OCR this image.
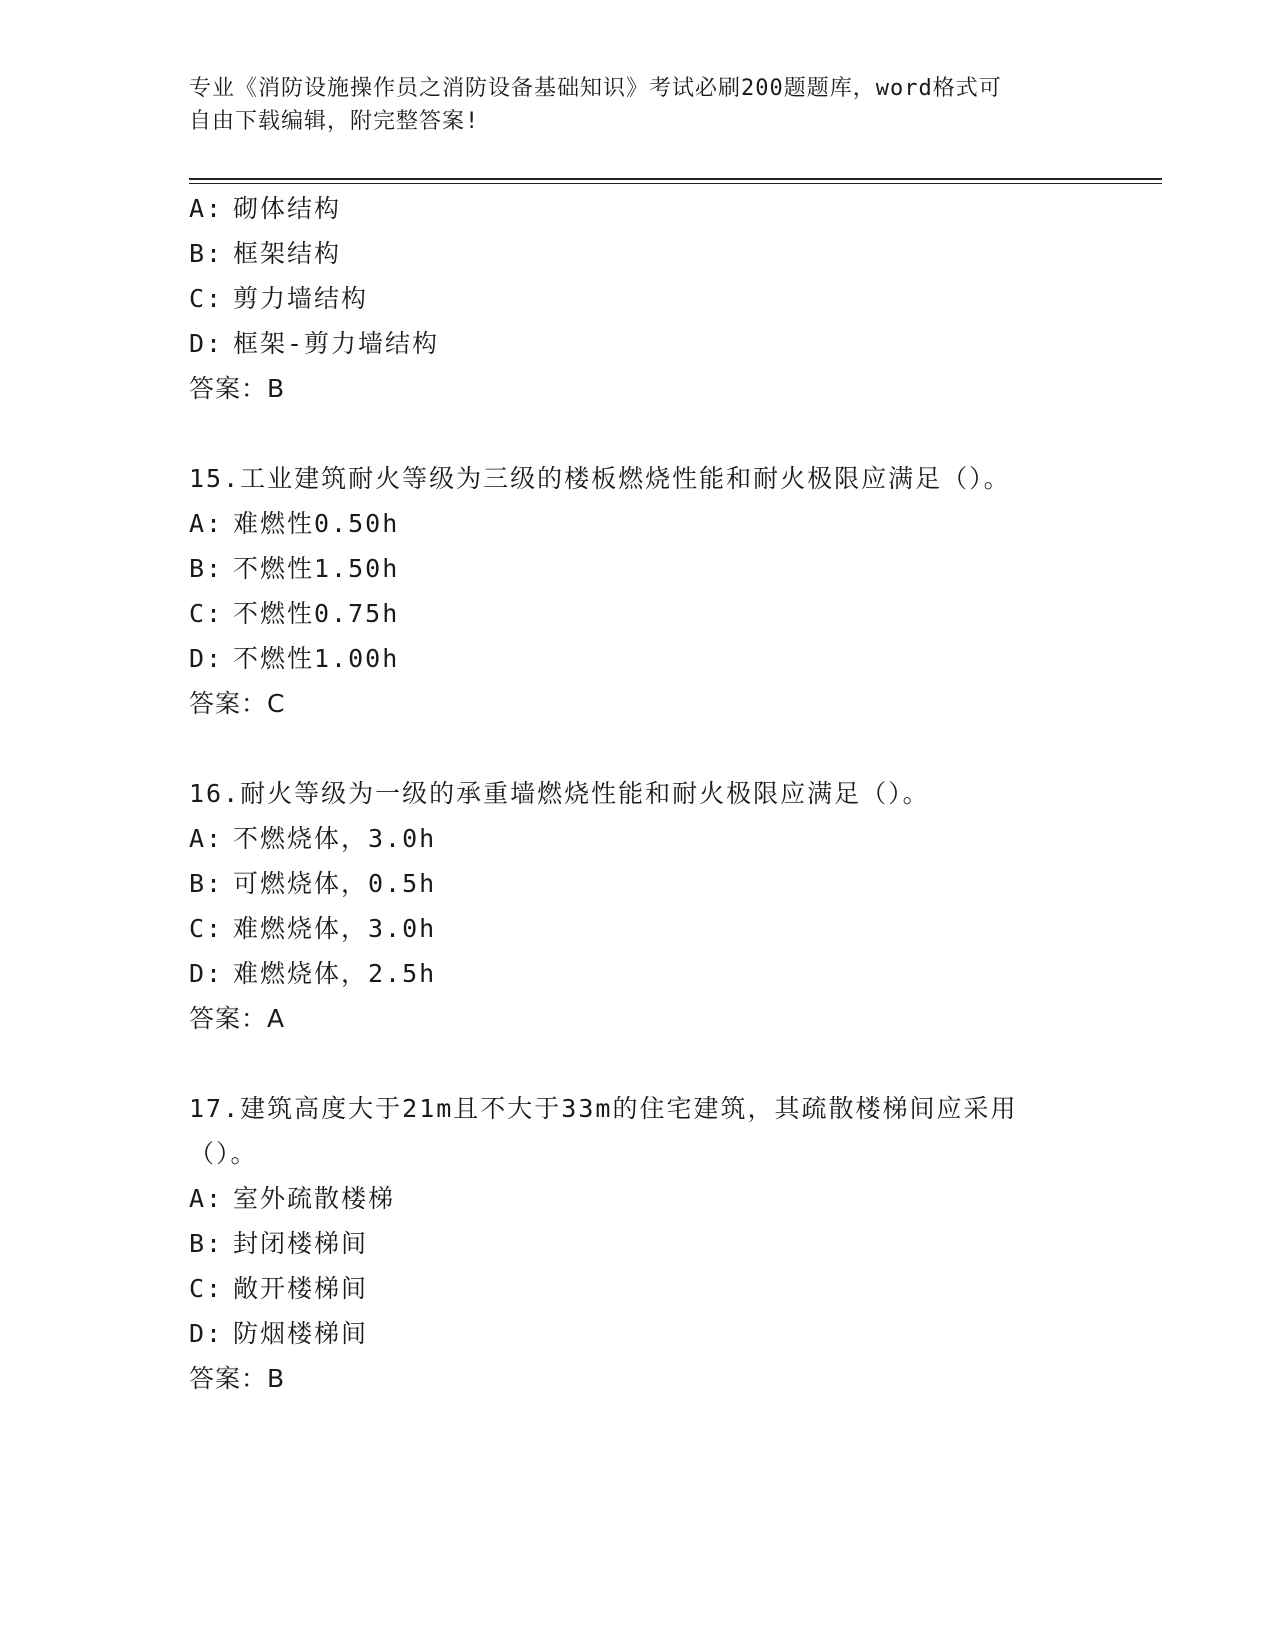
专业《消防设施操作员之消防设备基础知识》考试必刷200题题库，word格式可
自由下载编辑，附完整答案!
A: 砌体结构
B: 框架结构
C: 剪力墙结构
D: 框架-剪力墙结构
答案：B
15.工业建筑耐火等级为三级的楼板燃烧性能和耐火极限应满足（）。
A: 难燃性0.50h
B: 不燃性1.50h
C: 不燃性0.75h
D: 不燃性1.00h
答案：C
16.耐火等级为一级的承重墙燃烧性能和耐火极限应满足（）。
A: 不燃烧体，3.0h
B: 可燃烧体，0.5h
C: 难燃烧体，3.0h
D: 难燃烧体，2.5h
答案：A
17.建筑高度大于21m且不大于33m的住宅建筑，其疏散楼梯间应采用
（）。
A: 室外疏散楼梯
B: 封闭楼梯间
C: 敞开楼梯间
D: 防烟楼梯间
答案：B
